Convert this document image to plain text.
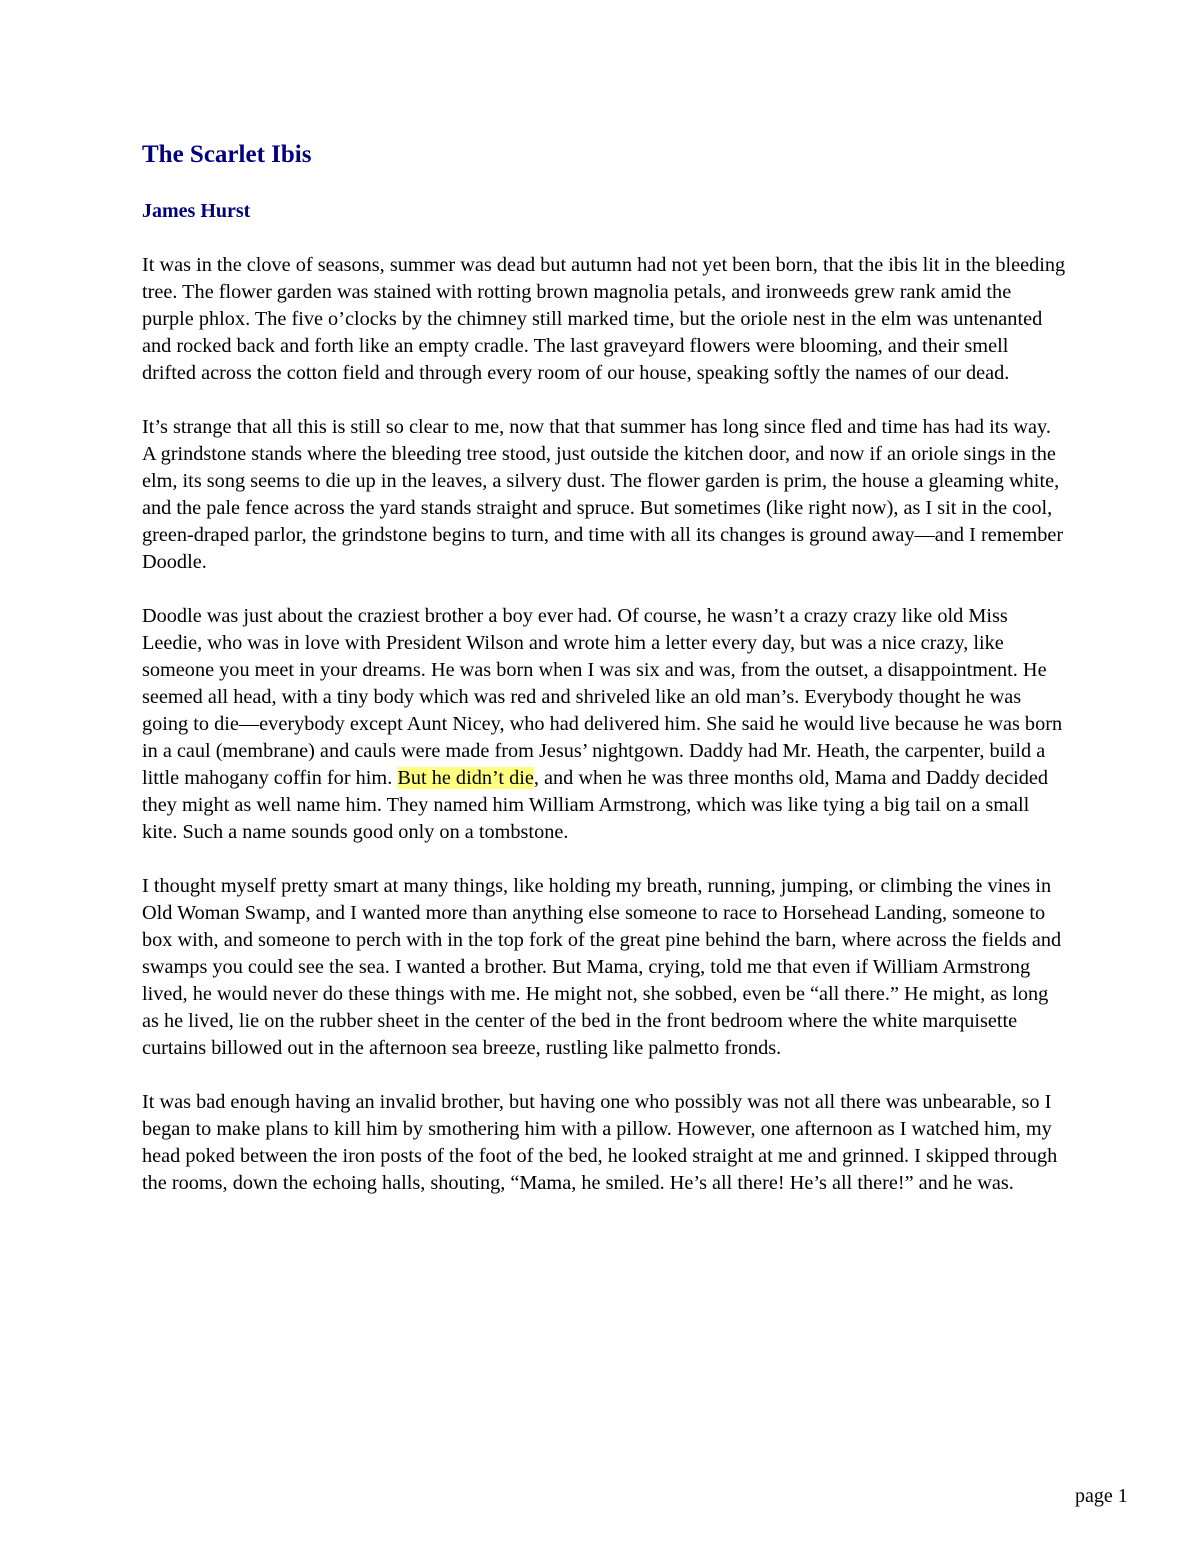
The Scarlet Ibis
James Hurst

It was in the clove of seasons, summer was dead but autumn had not yet been born, that the ibis lit in the bleeding tree. The flower garden was stained with rotting brown magnolia petals, and ironweeds grew rank amid the purple phlox. The five o’clocks by the chimney still marked time, but the oriole nest in the elm was untenanted and rocked back and forth like an empty cradle. The last graveyard flowers were blooming, and their smell drifted across the cotton field and through every room of our house, speaking softly the names of our dead.

It’s strange that all this is still so clear to me, now that that summer has long since fled and time has had its way. A grindstone stands where the bleeding tree stood, just outside the kitchen door, and now if an oriole sings in the elm, its song seems to die up in the leaves, a silvery dust. The flower garden is prim, the house a gleaming white, and the pale fence across the yard stands straight and spruce. But sometimes (like right now), as I sit in the cool, green-draped parlor, the grindstone begins to turn, and time with all its changes is ground away—and I remember Doodle.

Doodle was just about the craziest brother a boy ever had. Of course, he wasn’t a crazy crazy like old Miss Leedie, who was in love with President Wilson and wrote him a letter every day, but was a nice crazy, like someone you meet in your dreams. He was born when I was six and was, from the outset, a disappointment. He seemed all head, with a tiny body which was red and shriveled like an old man’s. Everybody thought he was going to die—everybody except Aunt Nicey, who had delivered him. She said he would live because he was born in a caul (membrane) and cauls were made from Jesus’ nightgown. Daddy had Mr. Heath, the carpenter, build a little mahogany coffin for him. But he didn’t die, and when he was three months old, Mama and Daddy decided they might as well name him. They named him William Armstrong, which was like tying a big tail on a small kite. Such a name sounds good only on a tombstone.

I thought myself pretty smart at many things, like holding my breath, running, jumping, or climbing the vines in Old Woman Swamp, and I wanted more than anything else someone to race to Horsehead Landing, someone to box with, and someone to perch with in the top fork of the great pine behind the barn, where across the fields and swamps you could see the sea. I wanted a brother. But Mama, crying, told me that even if William Armstrong lived, he would never do these things with me. He might not, she sobbed, even be “all there.” He might, as long as he lived, lie on the rubber sheet in the center of the bed in the front bedroom where the white marquisette curtains billowed out in the afternoon sea breeze, rustling like palmetto fronds.

It was bad enough having an invalid brother, but having one who possibly was not all there was unbearable, so I began to make plans to kill him by smothering him with a pillow. However, one afternoon as I watched him, my head poked between the iron posts of the foot of the bed, he looked straight at me and grinned. I skipped through the rooms, down the echoing halls, shouting, “Mama, he smiled. He’s all there! He’s all there!” and he was.

page 1
